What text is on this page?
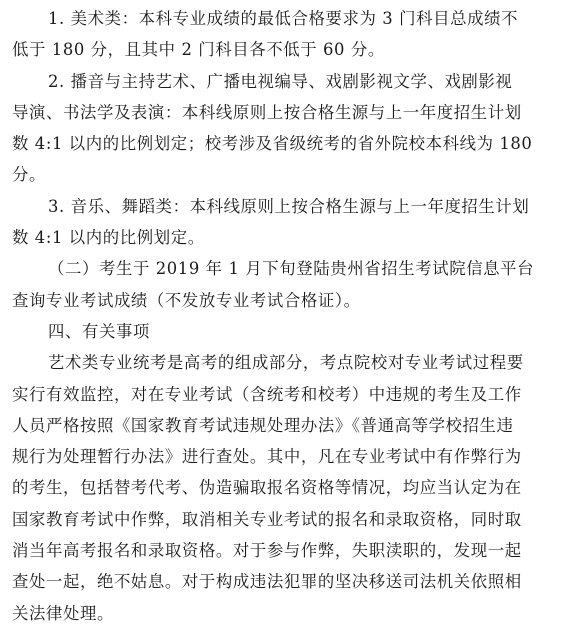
1. 美术类：本科专业成绩的最低合格要求为 3 门科目总成绩不
低于 180 分，且其中 2 门科目各不低于 60 分。
2. 播音与主持艺术、广播电视编导、戏剧影视文学、戏剧影视
导演、书法学及表演：本科线原则上按合格生源与上一年度招生计划
数 4:1 以内的比例划定；校考涉及省级统考的省外院校本科线为 180
分。
3. 音乐、舞蹈类：本科线原则上按合格生源与上一年度招生计划
数 4:1 以内的比例划定。
（二）考生于 2019 年 1 月下旬登陆贵州省招生考试院信息平台
查询专业考试成绩（不发放专业考试合格证）。
四、有关事项
艺术类专业统考是高考的组成部分，考点院校对专业考试过程要
实行有效监控，对在专业考试（含统考和校考）中违规的考生及工作
人员严格按照《国家教育考试违规处理办法》《普通高等学校招生违
规行为处理暂行办法》进行查处。其中，凡在专业考试中有作弊行为
的考生，包括替考代考、伪造骗取报名资格等情况，均应当认定为在
国家教育考试中作弊，取消相关专业考试的报名和录取资格，同时取
消当年高考报名和录取资格。对于参与作弊，失职渎职的，发现一起
查处一起，绝不姑息。对于构成违法犯罪的坚决移送司法机关依照相
关法律处理。
